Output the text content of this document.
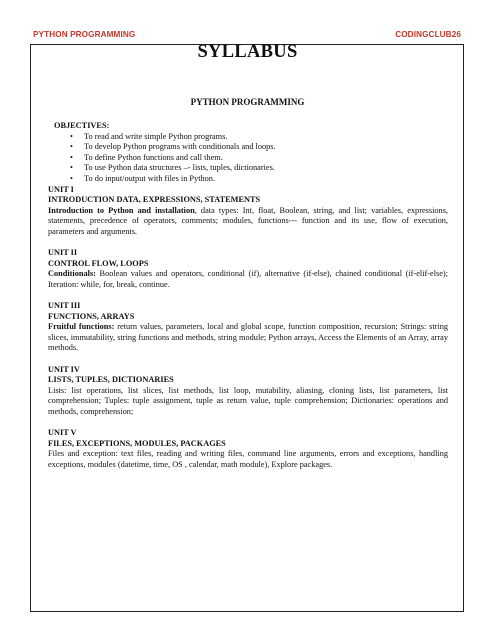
PYTHON PROGRAMMING	CODINGCLUB26
SYLLABUS
PYTHON PROGRAMMING
OBJECTIVES:
• To read and write simple Python programs.
• To develop Python programs with conditionals and loops.
• To define Python functions and call them.
• To use Python data structures –- lists, tuples, dictionaries.
• To do input/output with files in Python.
UNIT I
INTRODUCTION DATA, EXPRESSIONS, STATEMENTS
Introduction to Python and installation, data types: Int, float, Boolean, string, and list; variables, expressions, statements, precedence of operators, comments; modules, functions--- function and its use, flow of execution, parameters and arguments.
UNIT II
CONTROL FLOW, LOOPS
Conditionals: Boolean values and operators, conditional (if), alternative (if-else), chained conditional (if-elif-else); Iteration: while, for, break, continue.
UNIT III
FUNCTIONS, ARRAYS
Fruitful functions: return values, parameters, local and global scope, function composition, recursion; Strings: string slices, immutability, string functions and methods, string module; Python arrays, Access the Elements of an Array, array methods.
UNIT IV
LISTS, TUPLES, DICTIONARIES
Lists: list operations, list slices, list methods, list loop, mutability, aliasing, cloning lists, list parameters, list comprehension; Tuples: tuple assignment, tuple as return value, tuple comprehension; Dictionaries: operations and methods, comprehension;
UNIT V
FILES, EXCEPTIONS, MODULES, PACKAGES
Files and exception: text files, reading and writing files, command line arguments, errors and exceptions, handling exceptions, modules (datetime, time, OS , calendar, math module), Explore packages.
